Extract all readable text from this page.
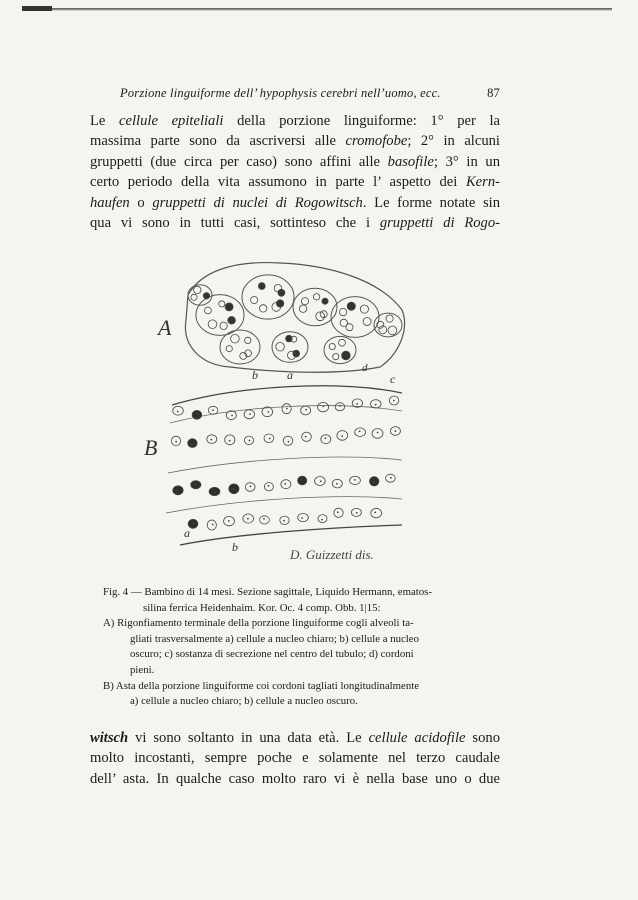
Porzione linguiforme dell’ hypophysis cerebri nell’uomo, ecc.	87
Le cellule epiteliali della porzione linguiforme: 1° per la
massima parte sono da ascriversi alle cromofobe; 2° in alcuni
gruppetti (due circa per caso) sono affini alle basofile; 3° in un
certo periodo della vita assumono in parte l’ aspetto dei Kern-
haufen o gruppetti di nuclei di Rogowitsch. Le forme notate sin
qua vi sono in tutti casi, sottinteso che i gruppetti di Rogo-
A
B
b a	c
d
a
b	D. Guizzetti dis.
Fig. 4 — Bambino di 14 mesi. Sezione sagittale, Liquido Hermann, ematos-
silina ferrica Heidenhaim. Kor. Oc. 4 comp. Obb. 1|15:
A) Rigonfiamento terminale della porzione linguiforme cogli alveoli ta-
gliati trasversalmente a) cellule a nucleo chiaro; b) cellule a nucleo
oscuro; c) sostanza di secrezione nel centro del tubulo; d) cordoni
pieni.
B) Asta della porzione linguiforme coi cordoni tagliati longitudinalmente
a) cellule a nucleo chiaro; b) cellule a nucleo oscuro.
witsch vi sono soltanto in una data età. Le cellule acidofile sono
molto incostanti, sempre poche e solamente nel terzo caudale
dell’ asta. In qualche caso molto raro vi è nella base uno o due
